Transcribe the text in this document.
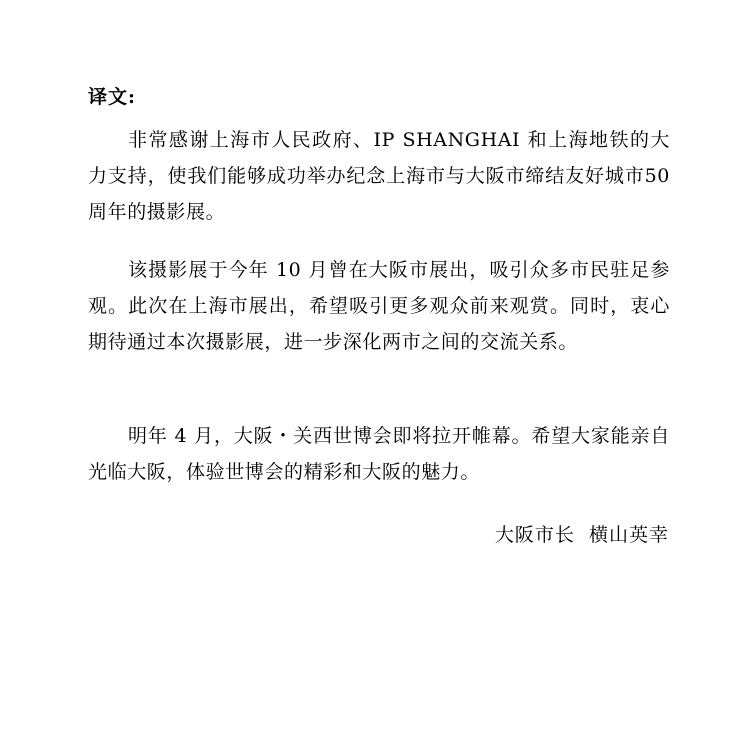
译文:

非常感谢上海市人民政府、IP SHANGHAI 和上海地铁的大力支持，使我们能够成功举办纪念上海市与大阪市缔结友好城市50周年的摄影展。

该摄影展于今年 10 月曾在大阪市展出，吸引众多市民驻足参观。此次在上海市展出，希望吸引更多观众前来观赏。同时，衷心期待通过本次摄影展，进一步深化两市之间的交流关系。

明年 4 月，大阪・关西世博会即将拉开帷幕。希望大家能亲自光临大阪，体验世博会的精彩和大阪的魅力。

大阪市长  横山英幸
